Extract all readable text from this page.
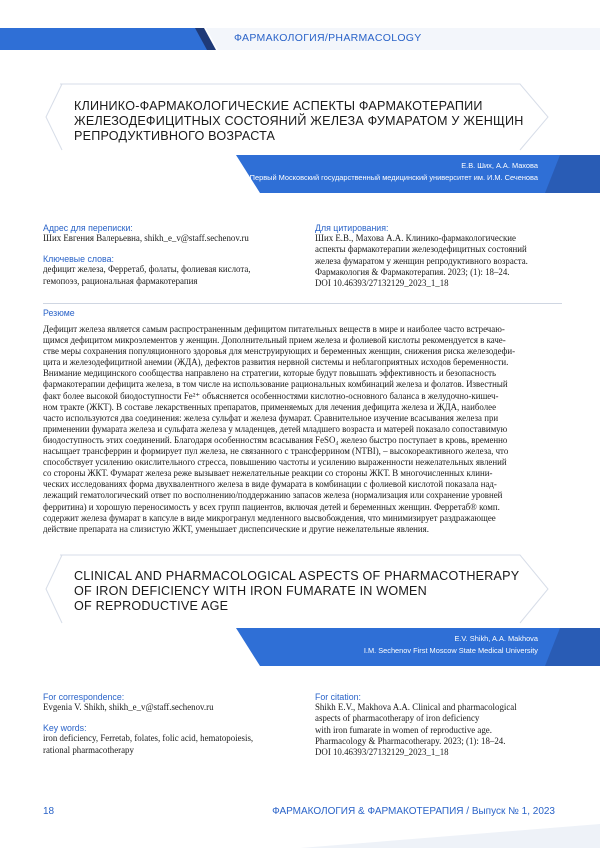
ФАРМАКОЛОГИЯ/PHARMACOLOGY
КЛИНИКО-ФАРМАКОЛОГИЧЕСКИЕ АСПЕКТЫ ФАРМАКОТЕРАПИИ
ЖЕЛЕЗОДЕФИЦИТНЫХ СОСТОЯНИЙ ЖЕЛЕЗА ФУМАРАТОМ У ЖЕНЩИН
РЕПРОДУКТИВНОГО ВОЗРАСТА
Е.В. Ших, А.А. Махова
Первый Московский государственный медицинский университет им. И.М. Сеченова
Адрес для переписки:
Ших Евгения Валерьевна, shikh_e_v@staff.sechenov.ru
Ключевые слова:
дефицит железа, Ферретаб, фолаты, фолиевая кислота,
гемопоэз, рациональная фармакотерапия
Для цитирования:
Ших Е.В., Махова А.А. Клинико-фармакологические
аспекты фармакотерапии железодефицитных состояний
железа фумаратом у женщин репродуктивного возраста.
Фармакология & Фармакотерапия. 2023; (1): 18–24.
DOI 10.46393/27132129_2023_1_18
Резюме
Дефицит железа является самым распространенным дефицитом питательных веществ в мире и наиболее часто встречаю-
щимся дефицитом микроэлементов у женщин. Дополнительный прием железа и фолиевой кислоты рекомендуется в каче-
стве меры сохранения популяционного здоровья для менструирующих и беременных женщин, снижения риска железодефи-
цита и железодефицитной анемии (ЖДА), дефектов развития нервной системы и неблагоприятных исходов беременности.
Внимание медицинского сообщества направлено на стратегии, которые будут повышать эффективность и безопасность
фармакотерапии дефицита железа, в том числе на использование рациональных комбинаций железа и фолатов. Известный
факт более высокой биодоступности Fe²⁺ объясняется особенностями кислотно-основного баланса в желудочно-кишеч-
ном тракте (ЖКТ). В составе лекарственных препаратов, применяемых для лечения дефицита железа и ЖДА, наиболее
часто используются два соединения: железа сульфат и железа фумарат. Сравнительное изучение всасывания железа при
применении фумарата железа и сульфата железа у младенцев, детей младшего возраста и матерей показало сопоставимую
биодоступность этих соединений. Благодаря особенностям всасывания FeSO₄ железо быстро поступает в кровь, временно
насыщает трансферрин и формирует пул железа, не связанного с трансферрином (NTBI), – высокореактивного железа, что
способствует усилению окислительного стресса, повышению частоты и усилению выраженности нежелательных явлений
со стороны ЖКТ. Фумарат железа реже вызывает нежелательные реакции со стороны ЖКТ. В многочисленных клини-
ческих исследованиях форма двухвалентного железа в виде фумарата в комбинации с фолиевой кислотой показала над-
лежащий гематологический ответ по восполнению/поддержанию запасов железа (нормализация или сохранение уровней
ферритина) и хорошую переносимость у всех групп пациентов, включая детей и беременных женщин. Ферретаб® комп.
содержит железа фумарат в капсуле в виде микрогранул медленного высвобождения, что минимизирует раздражающее
действие препарата на слизистую ЖКТ, уменьшает диспепсические и другие нежелательные явления.
CLINICAL AND PHARMACOLOGICAL ASPECTS OF PHARMACOTHERAPY
OF IRON DEFICIENCY WITH IRON FUMARATE IN WOMEN
OF REPRODUCTIVE AGE
E.V. Shikh, A.A. Makhova
I.M. Sechenov First Moscow State Medical University
For correspondence:
Evgenia V. Shikh, shikh_e_v@staff.sechenov.ru
Key words:
iron deficiency, Ferretab, folates, folic acid, hematopoiesis,
rational pharmacotherapy
For citation:
Shikh E.V., Makhova A.A. Clinical and pharmacological
aspects of pharmacotherapy of iron deficiency
with iron fumarate in women of reproductive age.
Pharmacology & Pharmacotherapy. 2023; (1): 18–24.
DOI 10.46393/27132129_2023_1_18
18	ФАРМАКОЛОГИЯ & ФАРМАКОТЕРАПИЯ / Выпуск № 1, 2023
